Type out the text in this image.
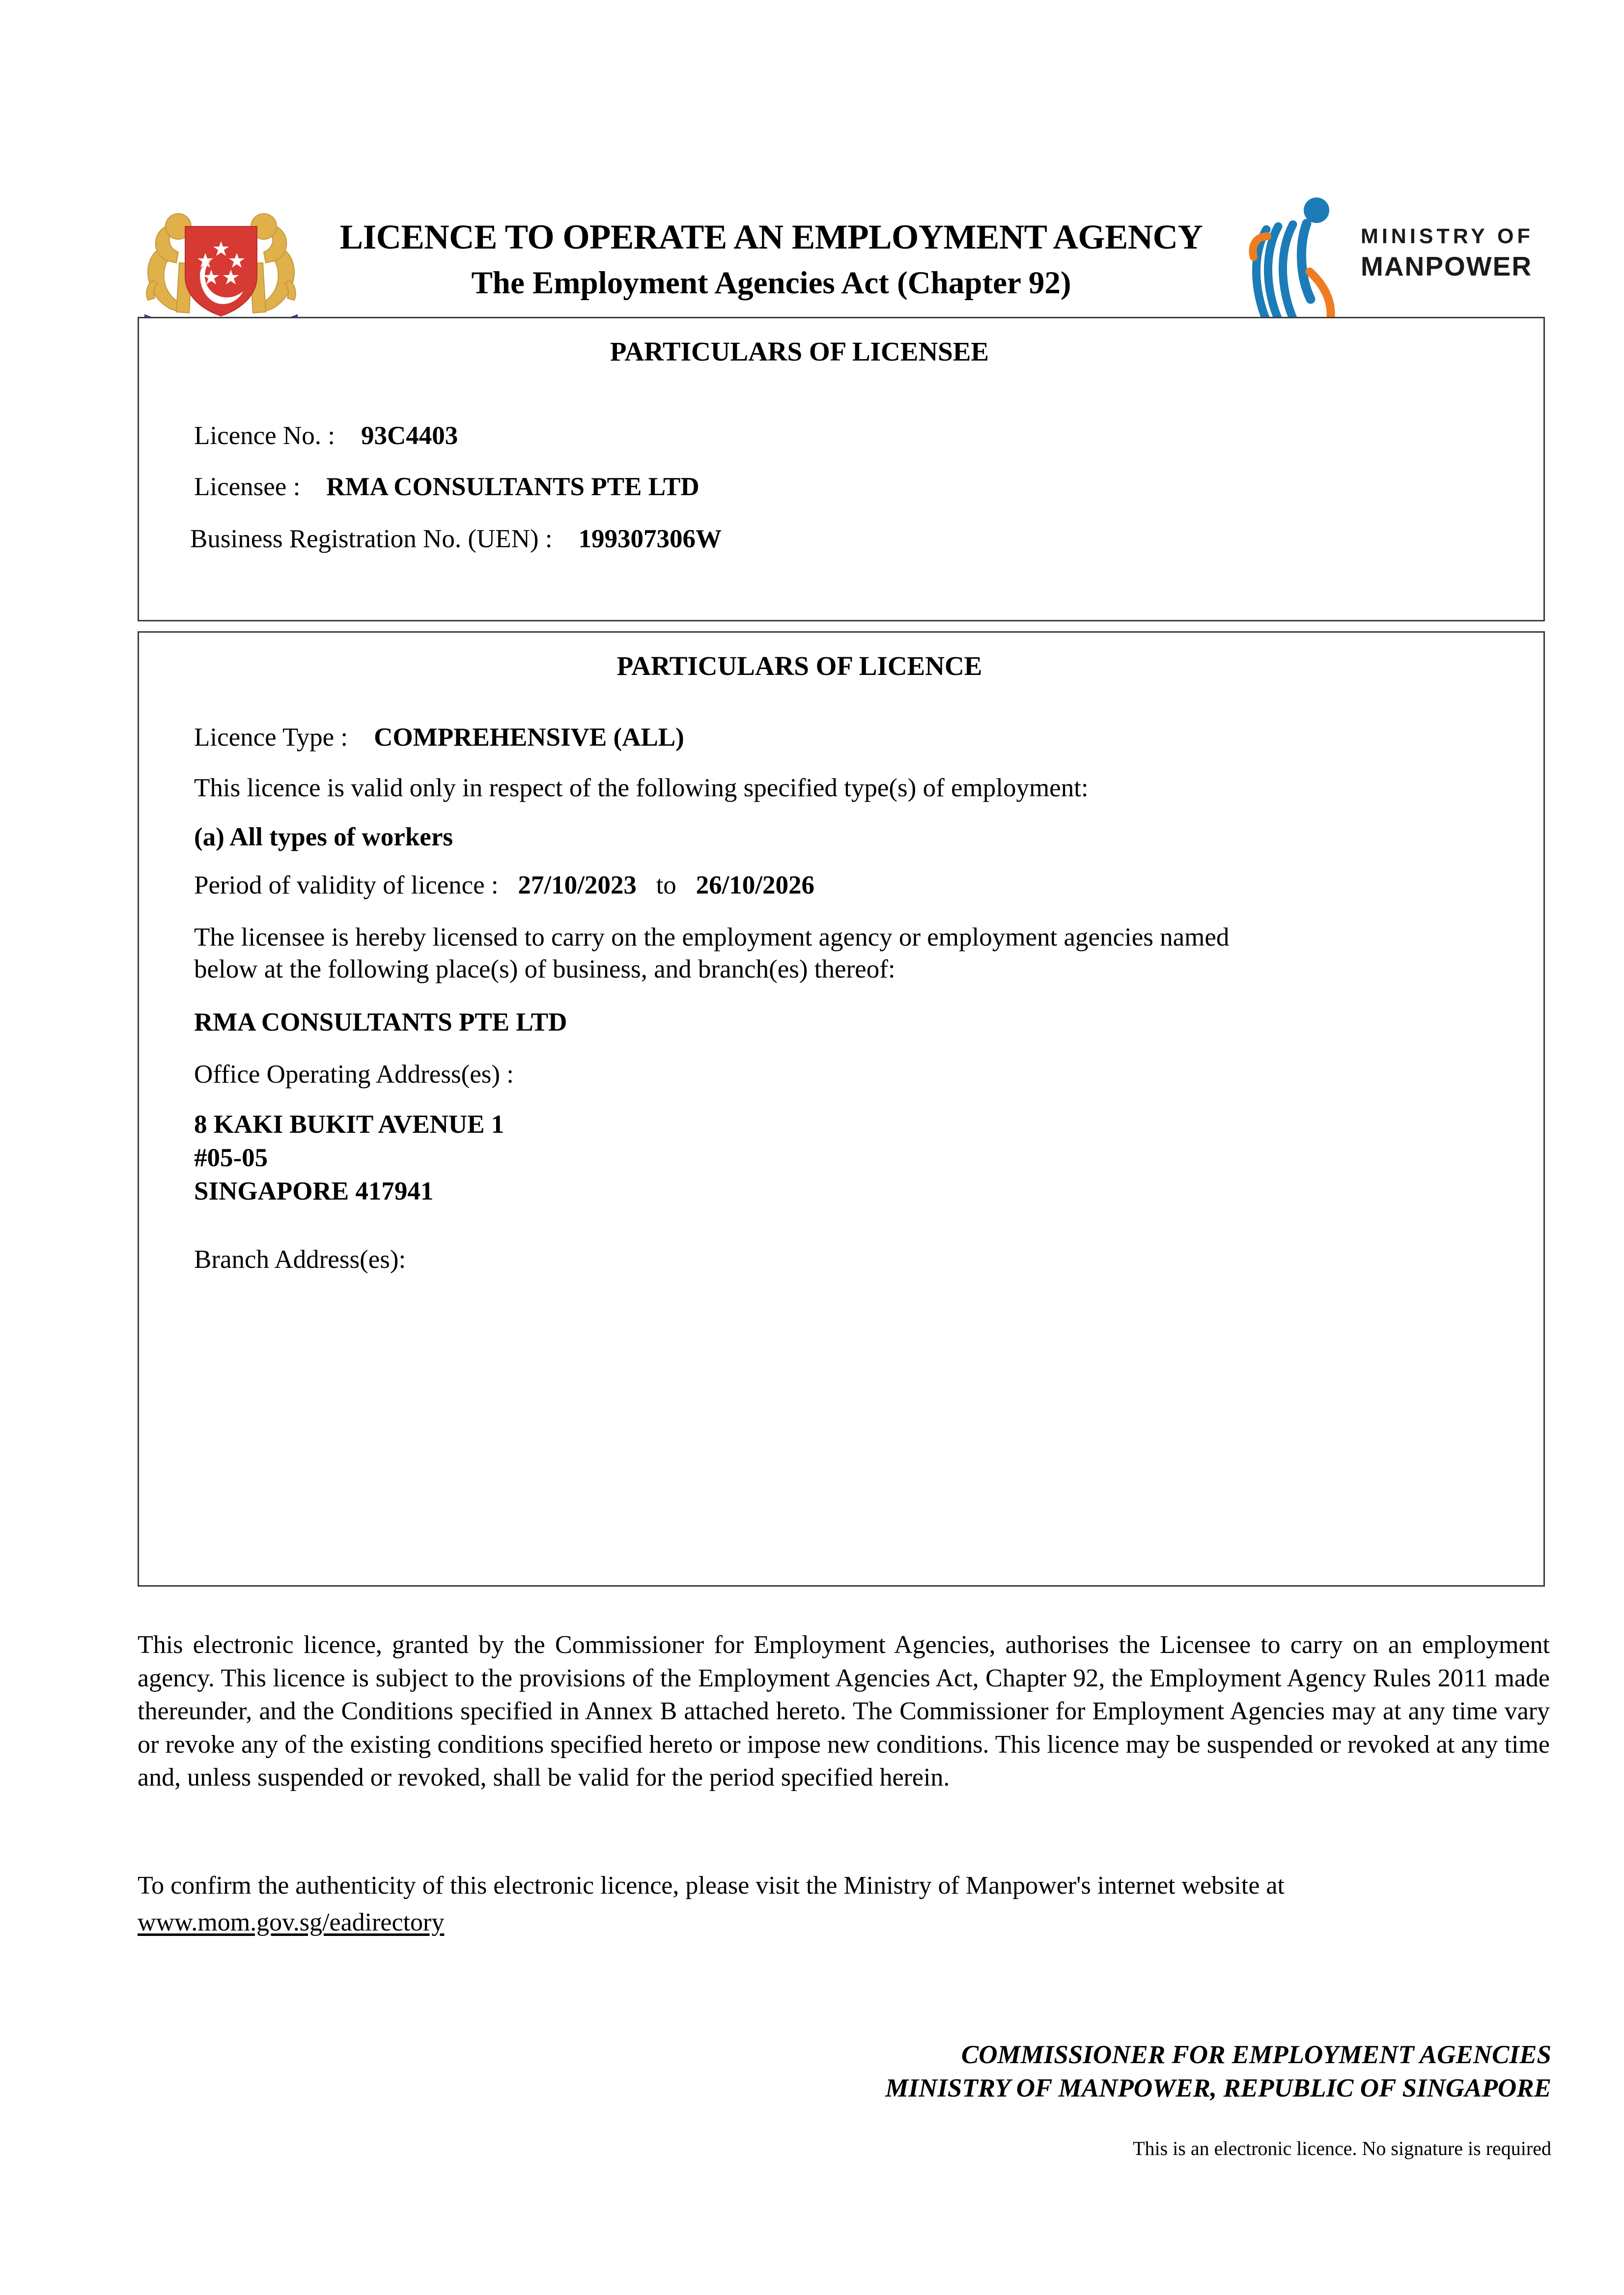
LICENCE TO OPERATE AN EMPLOYMENT AGENCY
The Employment Agencies Act (Chapter 92)
MINISTRY OF
MANPOWER
PARTICULARS OF LICENSEE
Licence No. : 93C4403
Licensee : RMA CONSULTANTS PTE LTD
Business Registration No. (UEN) : 199307306W
PARTICULARS OF LICENCE
Licence Type : COMPREHENSIVE (ALL)
This licence is valid only in respect of the following specified type(s) of employment:
(a) All types of workers
Period of validity of licence : 27/10/2023 to 26/10/2026
The licensee is hereby licensed to carry on the employment agency or employment agencies named
below at the following place(s) of business, and branch(es) thereof:
RMA CONSULTANTS PTE LTD
Office Operating Address(es) :
8 KAKI BUKIT AVENUE 1
#05-05
SINGAPORE 417941
Branch Address(es):
This electronic licence, granted by the Commissioner for Employment Agencies, authorises the Licensee to carry on an employment agency. This licence is subject to the provisions of the Employment Agencies Act, Chapter 92, the Employment Agency Rules 2011 made thereunder, and the Conditions specified in Annex B attached hereto. The Commissioner for Employment Agencies may at any time vary or revoke any of the existing conditions specified hereto or impose new conditions. This licence may be suspended or revoked at any time and, unless suspended or revoked, shall be valid for the period specified herein.
To confirm the authenticity of this electronic licence, please visit the Ministry of Manpower's internet website at
www.mom.gov.sg/eadirectory
COMMISSIONER FOR EMPLOYMENT AGENCIES
MINISTRY OF MANPOWER, REPUBLIC OF SINGAPORE
This is an electronic licence. No signature is required
